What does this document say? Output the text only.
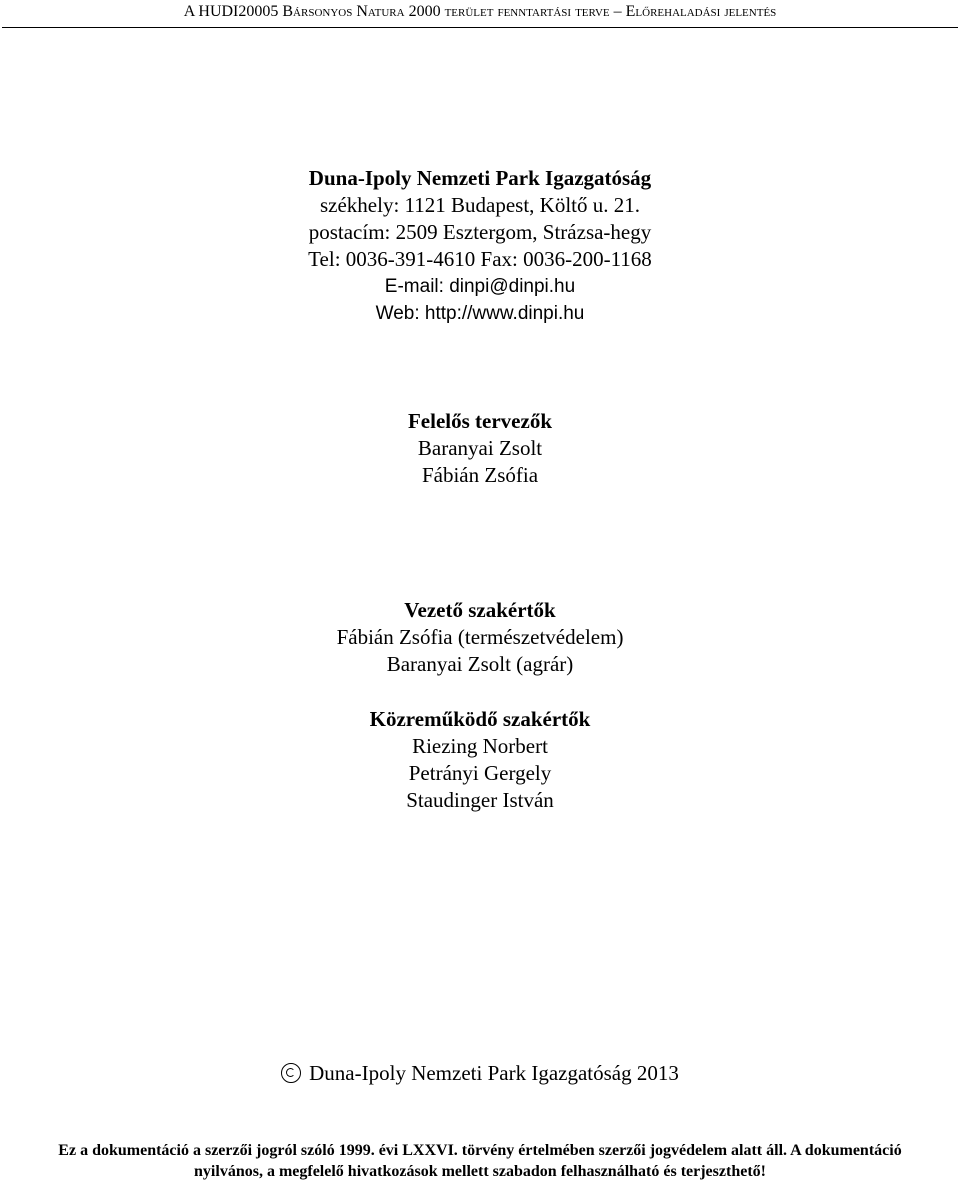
A HUDI20005 Bársonyos Natura 2000 terület fenntartási terve – Előrehaladási jelentés
Duna-Ipoly Nemzeti Park Igazgatóság
székhely: 1121 Budapest, Költő u. 21.
postacím: 2509 Esztergom, Strázsa-hegy
Tel: 0036-391-4610 Fax: 0036-200-1168
E-mail: dinpi@dinpi.hu
Web: http://www.dinpi.hu
Felelős tervezők
Baranyai Zsolt
Fábián Zsófia
Vezető szakértők
Fábián Zsófia (természetvédelem)
Baranyai Zsolt (agrár)
Közreműködő szakértők
Riezing Norbert
Petrányi Gergely
Staudinger István
Duna-Ipoly Nemzeti Park Igazgatóság 2013
Ez a dokumentáció a szerzői jogról szóló 1999. évi LXXVI. törvény értelmében szerzői jogvédelem alatt áll. A dokumentáció
nyilvános, a megfelelő hivatkozások mellett szabadon felhasználható és terjeszthető!
